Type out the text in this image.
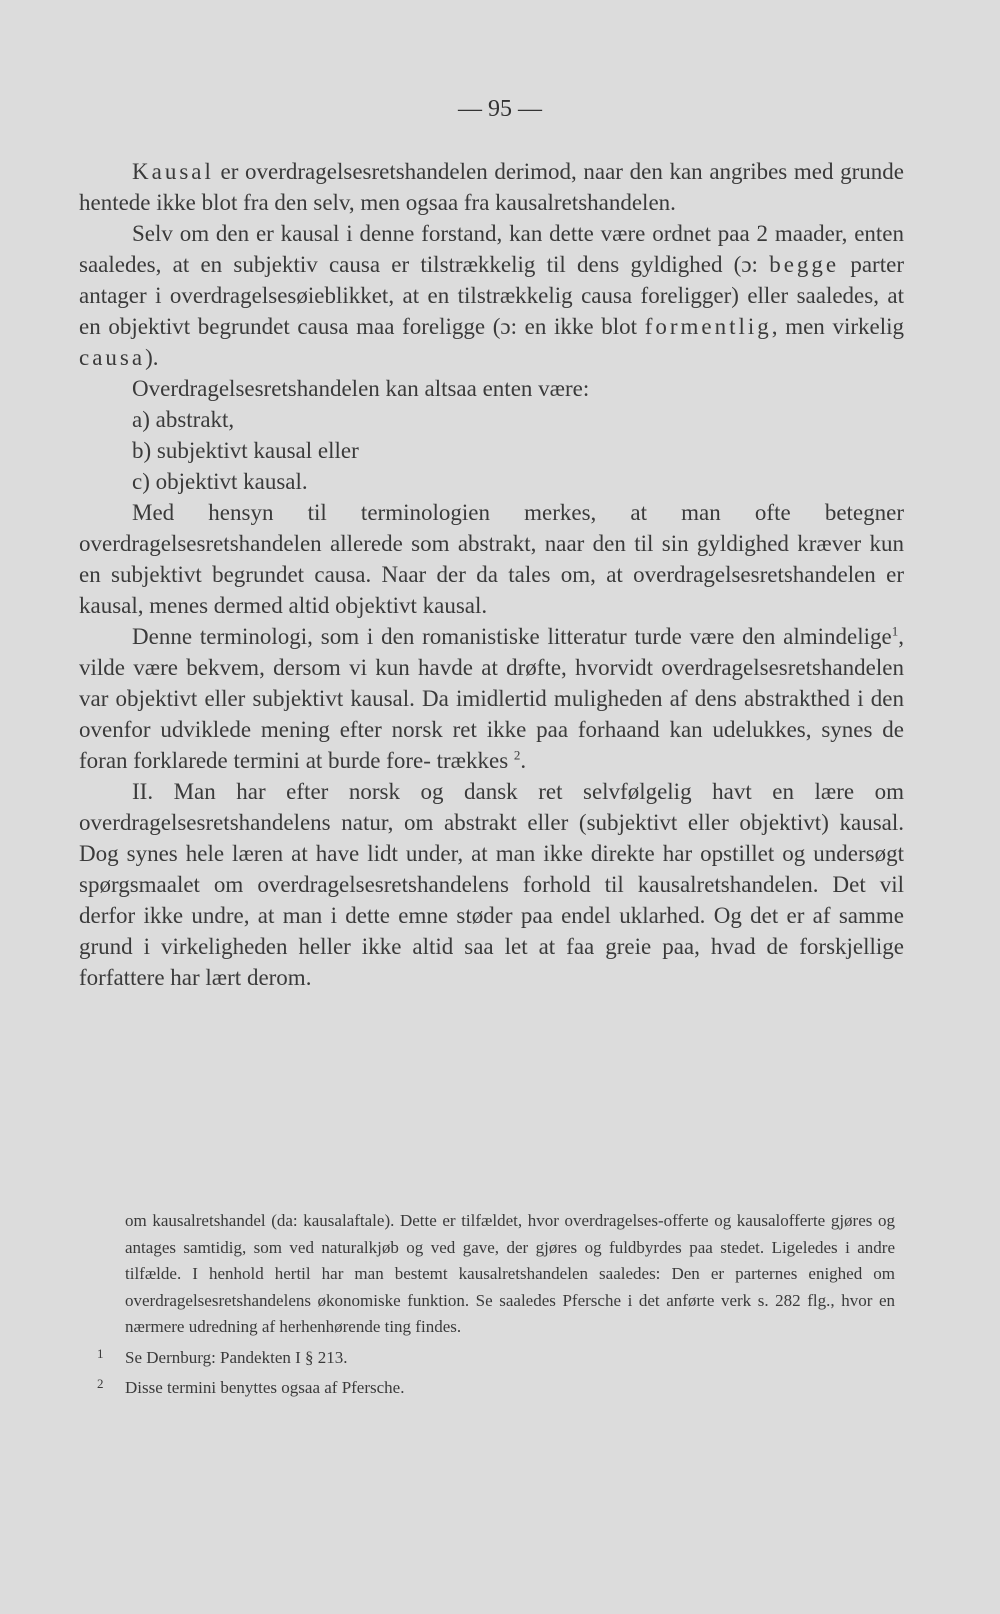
— 95 —

Kausal er overdragelsesretshandelen derimod, naar den kan angribes med grunde hentede ikke blot fra den selv, men ogsaa fra kausalretshandelen.

Selv om den er kausal i denne forstand, kan dette være ordnet paa 2 maader, enten saaledes, at en subjektiv causa er tilstrækkelig til dens gyldighed (ɔ: begge parter antager i overdragelsesøieblikket, at en tilstrækkelig causa foreligger) eller saaledes, at en objektivt begrundet causa maa foreligge (ɔ: en ikke blot formentlig, men virkelig causa).

Overdragelsesretshandelen kan altsaa enten være:

a) abstrakt,
b) subjektivt kausal eller
c) objektivt kausal.

Med hensyn til terminologien merkes, at man ofte betegner overdragelsesretshandelen allerede som abstrakt, naar den til sin gyldighed kræver kun en subjektivt begrundet causa. Naar der da tales om, at overdragelsesretshandelen er kausal, menes dermed altid objektivt kausal.

Denne terminologi, som i den romanistiske litteratur turde være den almindelige$^1$, vilde være bekvem, dersom vi kun havde at drøfte, hvorvidt overdragelsesretshandelen var objektivt eller subjektivt kausal. Da imidlertid muligheden af dens abstrakthed i den ovenfor udviklede mening efter norsk ret ikke paa forhaand kan udelukkes, synes de foran forklarede termini at burde fore- trækkes $^2$.

II. Man har efter norsk og dansk ret selvfølgelig havt en lære om overdragelsesretshandelens natur, om abstrakt eller (subjektivt eller objektivt) kausal. Dog synes hele læren at have lidt under, at man ikke direkte har opstillet og undersøgt spørgsmaalet om overdragelsesretshandelens forhold til kausalretshandelen. Det vil derfor ikke undre, at man i dette emne støder paa endel uklarhed. Og det er af samme grund i virkeligheden heller ikke altid saa let at faa greie paa, hvad de forskjellige forfattere har lært derom.

om kausalretshandel (da: kausalaftale). Dette er tilfældet, hvor overdragelses-offerte og kausalofferte gjøres og antages samtidig, som ved naturalkjøb og ved gave, der gjøres og fuldbyrdes paa stedet. Ligeledes i andre tilfælde. I henhold hertil har man bestemt kausalretshandelen saaledes: Den er parternes enighed om overdragelsesretshandelens økonomiske funktion. Se saaledes Pfersche i det anførte verk s. 282 flg., hvor en nærmere udredning af herhenhørende ting findes.

1 Se Dernburg: Pandekten I § 213.

2 Disse termini benyttes ogsaa af Pfersche.
